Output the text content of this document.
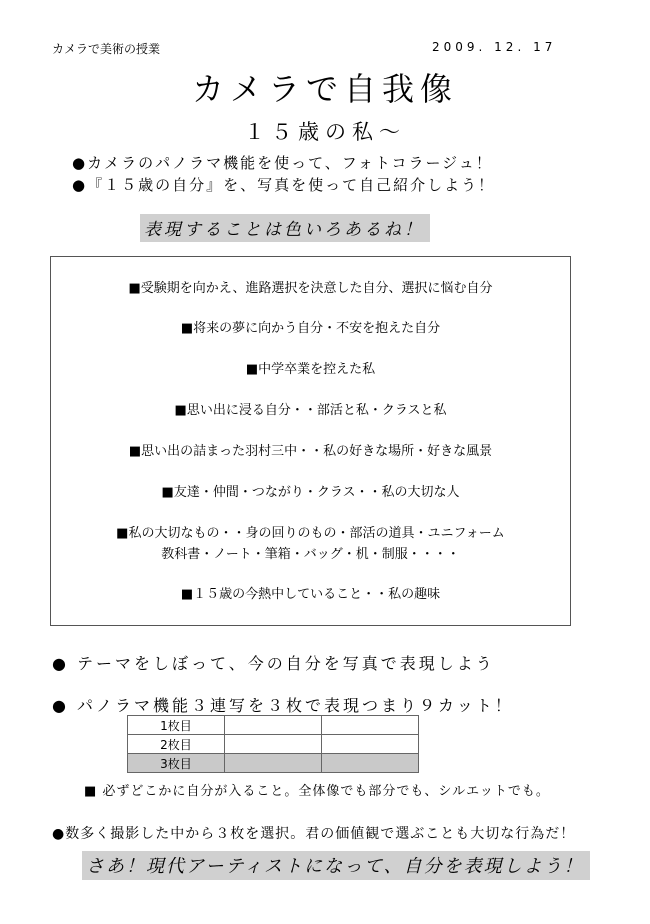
カメラで美術の授業	2009. 12. 17
カメラで自我像
１５歳の私〜
●カメラのパノラマ機能を使って、フォトコラージュ！
●『１５歳の自分』を、写真を使って自己紹介しよう！
表現することは色いろあるね！
■受験期を向かえ、進路選択を決意した自分、選択に悩む自分
■将来の夢に向かう自分・不安を抱えた自分
■中学卒業を控えた私
■思い出に浸る自分・・部活と私・クラスと私
■思い出の詰まった羽村三中・・私の好きな場所・好きな風景
■友達・仲間・つながり・クラス・・私の大切な人
■私の大切なもの・・身の回りのもの・部活の道具・ユニフォーム
教科書・ノート・筆箱・バッグ・机・制服・・・・
■１５歳の今熱中していること・・私の趣味
● テーマをしぼって、今の自分を写真で表現しよう
● パノラマ機能３連写を３枚で表現つまり９カット！
1枚目		
2枚目		
3枚目		
■ 必ずどこかに自分が入ること。全体像でも部分でも、シルエットでも。
●数多く撮影した中から３枚を選択。君の価値観で選ぶことも大切な行為だ！
さあ！現代アーティストになって、自分を表現しよう！
